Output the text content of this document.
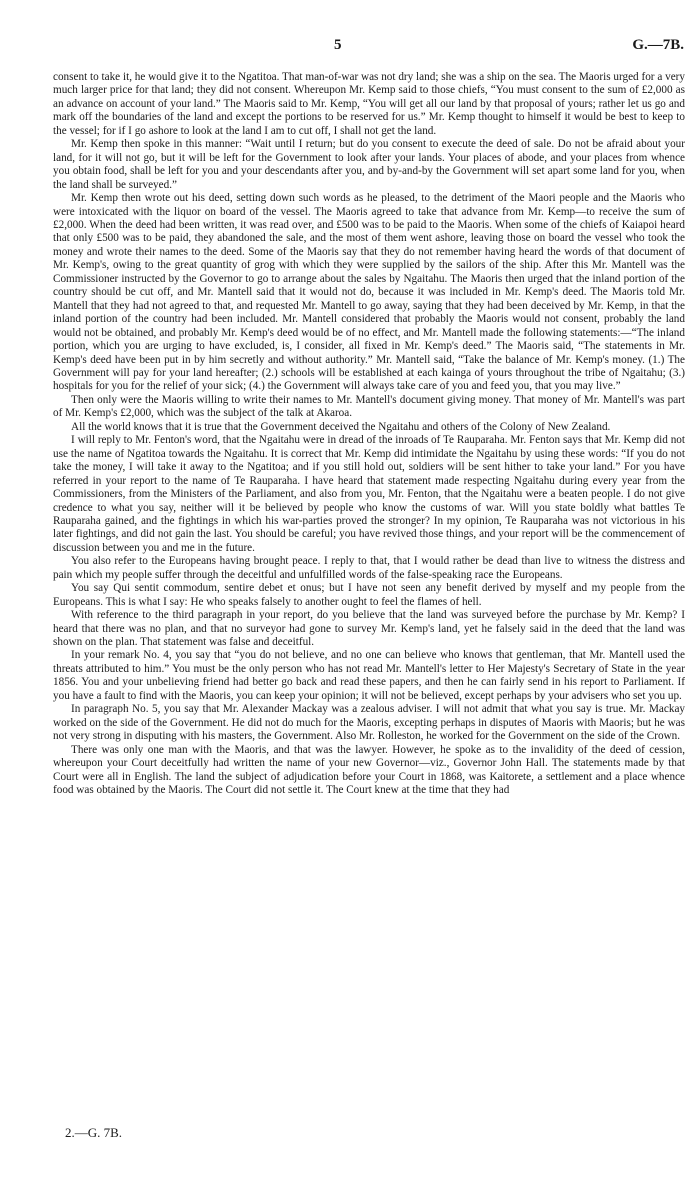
5	G.—7B.

consent to take it, he would give it to the Ngatitoa. That man-of-war was not dry land; she was a ship on the sea. The Maoris urged for a very much larger price for that land; they did not consent. Whereupon Mr. Kemp said to those chiefs, “You must consent to the sum of £2,000 as an advance on account of your land.” The Maoris said to Mr. Kemp, “You will get all our land by that proposal of yours; rather let us go and mark off the boundaries of the land and except the portions to be reserved for us.” Mr. Kemp thought to himself it would be best to keep to the vessel; for if I go ashore to look at the land I am to cut off, I shall not get the land.

Mr. Kemp then spoke in this manner: “Wait until I return; but do you consent to execute the deed of sale. Do not be afraid about your land, for it will not go, but it will be left for the Government to look after your lands. Your places of abode, and your places from whence you obtain food, shall be left for you and your descendants after you, and by-and-by the Government will set apart some land for you, when the land shall be surveyed.”

Mr. Kemp then wrote out his deed, setting down such words as he pleased, to the detriment of the Maori people and the Maoris who were intoxicated with the liquor on board of the vessel. The Maoris agreed to take that advance from Mr. Kemp—to receive the sum of £2,000. When the deed had been written, it was read over, and £500 was to be paid to the Maoris. When some of the chiefs of Kaiapoi heard that only £500 was to be paid, they abandoned the sale, and the most of them went ashore, leaving those on board the vessel who took the money and wrote their names to the deed. Some of the Maoris say that they do not remember having heard the words of that document of Mr. Kemp's, owing to the great quantity of grog with which they were supplied by the sailors of the ship. After this Mr. Mantell was the Commissioner instructed by the Governor to go to arrange about the sales by Ngaitahu. The Maoris then urged that the inland portion of the country should be cut off, and Mr. Mantell said that it would not do, because it was included in Mr. Kemp's deed. The Maoris told Mr. Mantell that they had not agreed to that, and requested Mr. Mantell to go away, saying that they had been deceived by Mr. Kemp, in that the inland portion of the country had been included. Mr. Mantell considered that probably the Maoris would not consent, probably the land would not be obtained, and probably Mr. Kemp's deed would be of no effect, and Mr. Mantell made the following statements:—“The inland portion, which you are urging to have excluded, is, I consider, all fixed in Mr. Kemp's deed.” The Maoris said, “The statements in Mr. Kemp's deed have been put in by him secretly and without authority.” Mr. Mantell said, “Take the balance of Mr. Kemp's money. (1.) The Government will pay for your land hereafter; (2.) schools will be established at each kainga of yours throughout the tribe of Ngaitahu; (3.) hospitals for you for the relief of your sick; (4.) the Government will always take care of you and feed you, that you may live.”

Then only were the Maoris willing to write their names to Mr. Mantell's document giving money. That money of Mr. Mantell's was part of Mr. Kemp's £2,000, which was the subject of the talk at Akaroa.

All the world knows that it is true that the Government deceived the Ngaitahu and others of the Colony of New Zealand.

I will reply to Mr. Fenton's word, that the Ngaitahu were in dread of the inroads of Te Rauparaha. Mr. Fenton says that Mr. Kemp did not use the name of Ngatitoa towards the Ngaitahu. It is correct that Mr. Kemp did intimidate the Ngaitahu by using these words: “If you do not take the money, I will take it away to the Ngatitoa; and if you still hold out, soldiers will be sent hither to take your land.” For you have referred in your report to the name of Te Rauparaha. I have heard that statement made respecting Ngaitahu during every year from the Commissioners, from the Ministers of the Parliament, and also from you, Mr. Fenton, that the Ngaitahu were a beaten people. I do not give credence to what you say, neither will it be believed by people who know the customs of war. Will you state boldly what battles Te Rauparaha gained, and the fightings in which his war-parties proved the stronger? In my opinion, Te Rauparaha was not victorious in his later fightings, and did not gain the last. You should be careful; you have revived those things, and your report will be the commencement of discussion between you and me in the future.

You also refer to the Europeans having brought peace. I reply to that, that I would rather be dead than live to witness the distress and pain which my people suffer through the deceitful and unfulfilled words of the false-speaking race the Europeans.

You say Qui sentit commodum, sentire debet et onus; but I have not seen any benefit derived by myself and my people from the Europeans. This is what I say: He who speaks falsely to another ought to feel the flames of hell.

With reference to the third paragraph in your report, do you believe that the land was surveyed before the purchase by Mr. Kemp? I heard that there was no plan, and that no surveyor had gone to survey Mr. Kemp's land, yet he falsely said in the deed that the land was shown on the plan. That statement was false and deceitful.

In your remark No. 4, you say that “you do not believe, and no one can believe who knows that gentleman, that Mr. Mantell used the threats attributed to him.” You must be the only person who has not read Mr. Mantell's letter to Her Majesty's Secretary of State in the year 1856. You and your unbelieving friend had better go back and read these papers, and then he can fairly send in his report to Parliament. If you have a fault to find with the Maoris, you can keep your opinion; it will not be believed, except perhaps by your advisers who set you up.

In paragraph No. 5, you say that Mr. Alexander Mackay was a zealous adviser. I will not admit that what you say is true. Mr. Mackay worked on the side of the Government. He did not do much for the Maoris, excepting perhaps in disputes of Maoris with Maoris; but he was not very strong in disputing with his masters, the Government. Also Mr. Rolleston, he worked for the Government on the side of the Crown.

There was only one man with the Maoris, and that was the lawyer. However, he spoke as to the invalidity of the deed of cession, whereupon your Court deceitfully had written the name of your new Governor—viz., Governor John Hall. The statements made by that Court were all in English. The land the subject of adjudication before your Court in 1868, was Kaitorete, a settlement and a place whence food was obtained by the Maoris. The Court did not settle it. The Court knew at the time that they had

2.—G. 7B.
